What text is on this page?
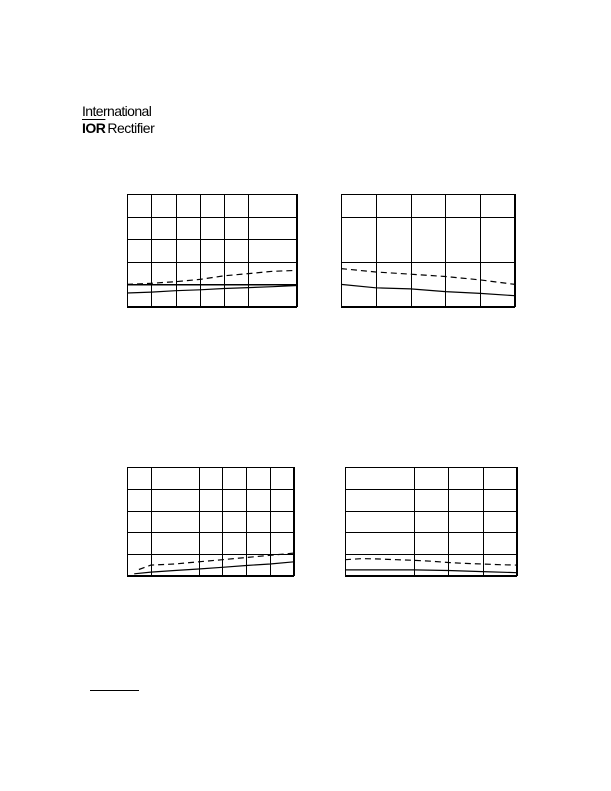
International
$\overline{IOR}$ Rectifier
